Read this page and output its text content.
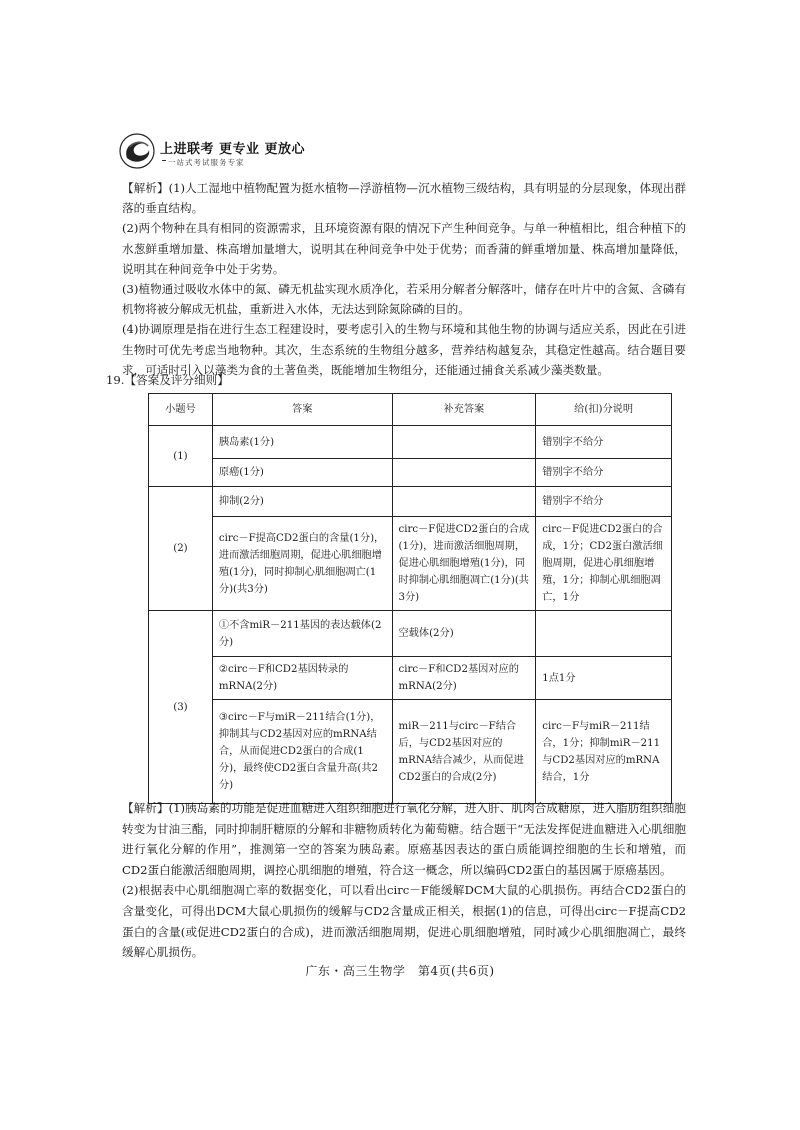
上进联考 更专业 更放心
一站式考试服务专家

【解析】(1)人工湿地中植物配置为挺水植物—浮游植物—沉水植物三级结构，具有明显的分层现象，体现出群落的垂直结构。

(2)两个物种在具有相同的资源需求，且环境资源有限的情况下产生种间竞争。与单一种植相比，组合种植下的水葱鲜重增加量、株高增加量增大，说明其在种间竞争中处于优势；而香蒲的鲜重增加量、株高增加量降低，说明其在种间竞争中处于劣势。

(3)植物通过吸收水体中的氮、磷无机盐实现水质净化，若采用分解者分解落叶，储存在叶片中的含氮、含磷有机物将被分解成无机盐，重新进入水体，无法达到除氮除磷的目的。

(4)协调原理是指在进行生态工程建设时，要考虑引入的生物与环境和其他生物的协调与适应关系，因此在引进生物时可优先考虑当地物种。其次，生态系统的生物组分越多，营养结构越复杂，其稳定性越高。结合题目要求，可适时引入以藻类为食的土著鱼类，既能增加生物组分，还能通过捕食关系减少藻类数量。

19.【答案及评分细则】
小题号	答案	补充答案	给(扣)分说明
(1)	胰岛素(1分)		错别字不给分
	原癌(1分)		错别字不给分
(2)	抑制(2分)		错别字不给分
	circ－F提高CD2蛋白的含量(1分)，进而激活细胞周期，促进心肌细胞增殖(1分)，同时抑制心肌细胞凋亡(1分)(共3分)	circ－F促进CD2蛋白的合成(1分)，进而激活细胞周期，促进心肌细胞增殖(1分)，同时抑制心肌细胞凋亡(1分)(共3分)	circ－F促进CD2蛋白的合成，1分；CD2蛋白激活细胞周期，促进心肌细胞增殖，1分；抑制心肌细胞凋亡，1分
(3)	①不含miR－211基因的表达载体(2分)	空载体(2分)	
	②circ－F和CD2基因转录的mRNA(2分)	circ－F和CD2基因对应的mRNA(2分)	1点1分
	③circ－F与miR－211结合(1分)，抑制其与CD2基因对应的mRNA结合，从而促进CD2蛋白的合成(1分)，最终使CD2蛋白含量升高(共2分)	miR－211与circ－F结合后，与CD2基因对应的mRNA结合减少，从而促进CD2蛋白的合成(2分)	circ－F与miR－211结合，1分；抑制miR－211与CD2基因对应的mRNA结合，1分

【解析】(1)胰岛素的功能是促进血糖进入组织细胞进行氧化分解，进入肝、肌肉合成糖原，进入脂肪组织细胞转变为甘油三酯，同时抑制肝糖原的分解和非糖物质转化为葡萄糖。结合题干“无法发挥促进血糖进入心肌细胞进行氧化分解的作用”，推测第一空的答案为胰岛素。原癌基因表达的蛋白质能调控细胞的生长和增殖，而CD2蛋白能激活细胞周期，调控心肌细胞的增殖，符合这一概念，所以编码CD2蛋白的基因属于原癌基因。

(2)根据表中心肌细胞凋亡率的数据变化，可以看出circ－F能缓解DCM大鼠的心肌损伤。再结合CD2蛋白的含量变化，可得出DCM大鼠心肌损伤的缓解与CD2含量成正相关，根据(1)的信息，可得出circ－F提高CD2蛋白的含量(或促进CD2蛋白的合成)，进而激活细胞周期，促进心肌细胞增殖，同时减少心肌细胞凋亡，最终缓解心肌损伤。

广东・高三生物学　第4页(共6页)
